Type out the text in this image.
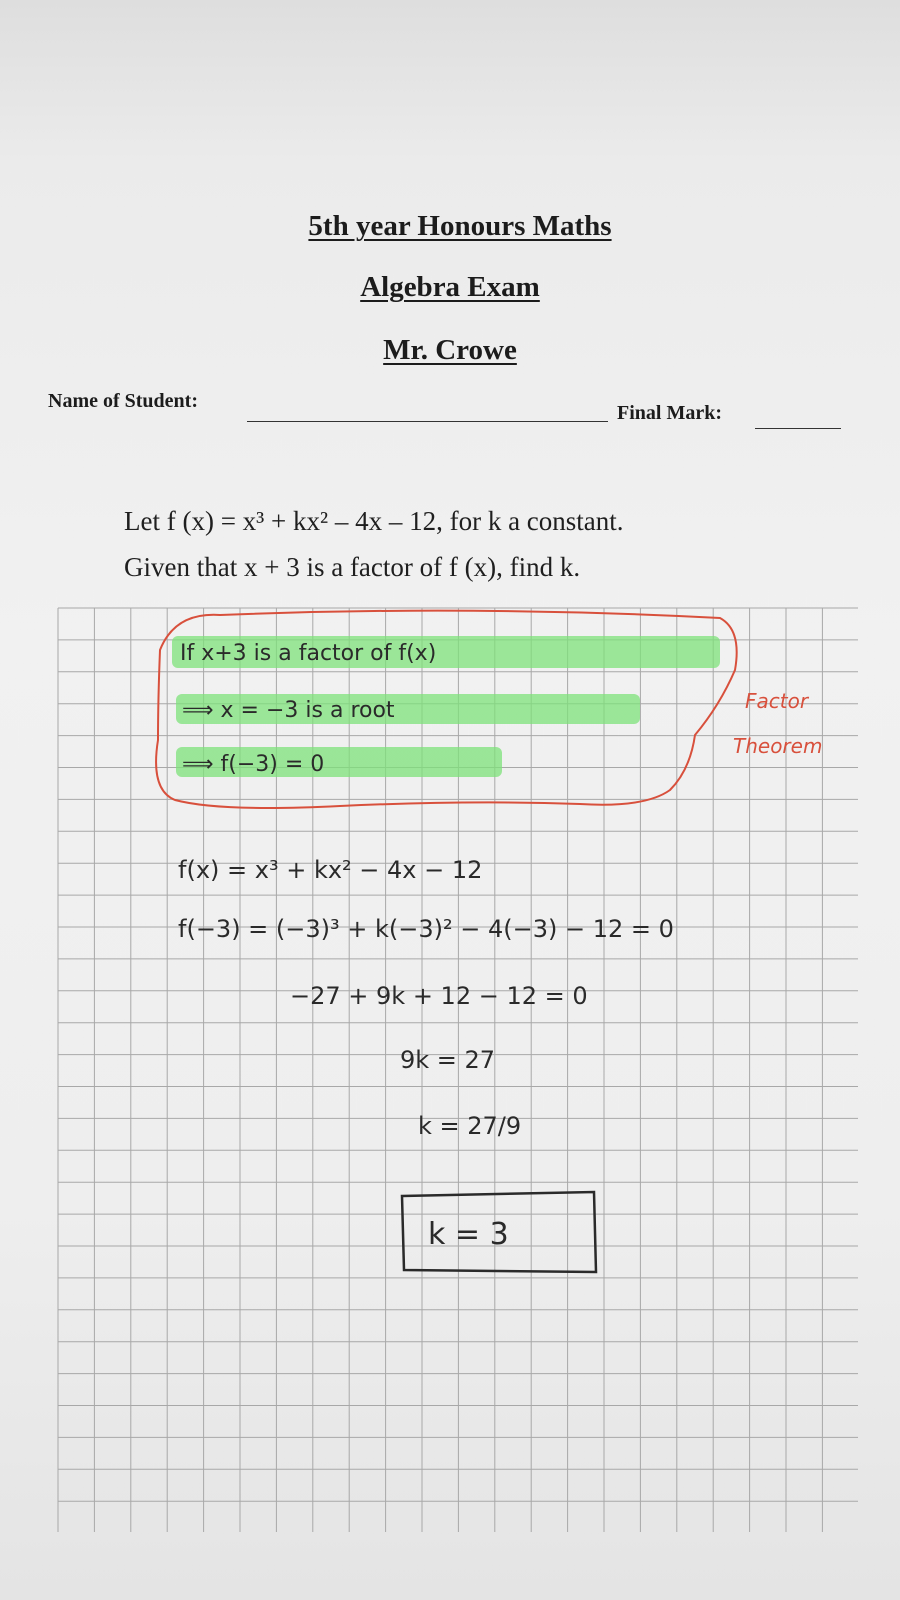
5th year Honours Maths
Algebra Exam
Mr. Crowe
Name of Student:
Final Mark:
Let f (x) = x³ + kx² – 4x – 12, for k a constant.
Given that x + 3 is a factor of f (x), find k.
Factor
Theorem
If x+3 is a factor of f(x)
⟹ x = −3 is a root
⟹ f(−3) = 0
f(x) = x³ + kx² − 4x − 12
f(−3) = (−3)³ + k(−3)² − 4(−3) − 12 = 0
−27 + 9k + 12 − 12 = 0
9k = 27
k = 27/9
k = 3
